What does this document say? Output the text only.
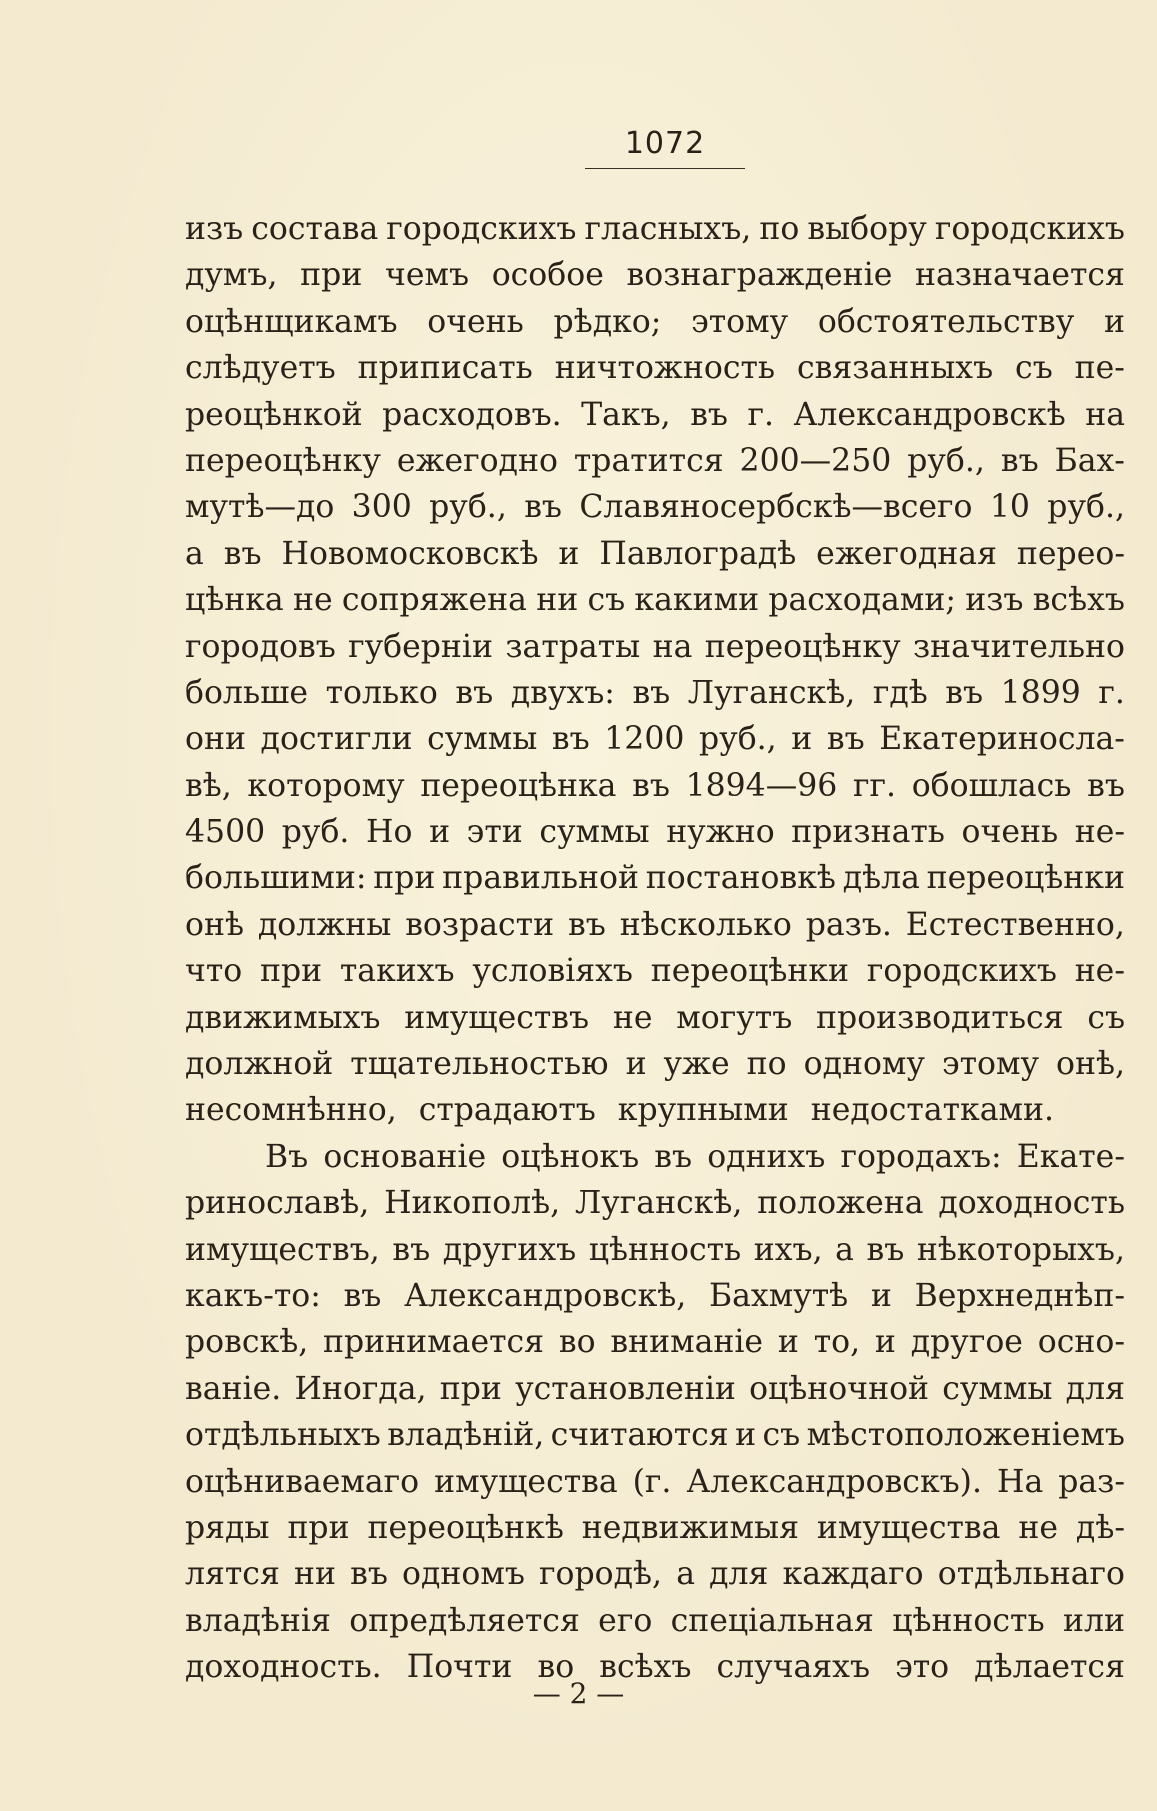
1072
изъ состава городскихъ гласныхъ, по выбору городскихъ
думъ, при чемъ особое вознагражденіе назначается
оцѣнщикамъ очень рѣдко; этому обстоятельству и
слѣдуетъ приписать ничтожность связанныхъ съ пе-
реоцѣнкой расходовъ. Такъ, въ г. Александровскѣ на
переоцѣнку ежегодно тратится 200—250 руб., въ Бах-
мутѣ—до 300 руб., въ Славяносербскѣ—всего 10 руб.,
а въ Новомосковскѣ и Павлоградѣ ежегодная перео-
цѣнка не сопряжена ни съ какими расходами; изъ всѣхъ
городовъ губерніи затраты на переоцѣнку значительно
больше только въ двухъ: въ Луганскѣ, гдѣ въ 1899 г.
они достигли суммы въ 1200 руб., и въ Екатериносла-
вѣ, которому переоцѣнка въ 1894—96 гг. обошлась въ
4500 руб. Но и эти суммы нужно признать очень не-
большими: при правильной постановкѣ дѣла переоцѣнки
онѣ должны возрасти въ нѣсколько разъ. Естественно,
что при такихъ условіяхъ переоцѣнки городскихъ не-
движимыхъ имуществъ не могутъ производиться съ
должной тщательностью и уже по одному этому онѣ,
несомнѣнно, страдаютъ крупными недостатками.
Въ основаніе оцѣнокъ въ однихъ городахъ: Екате-
ринославѣ, Никополѣ, Луганскѣ, положена доходность
имуществъ, въ другихъ цѣнность ихъ, а въ нѣкоторыхъ,
какъ-то: въ Александровскѣ, Бахмутѣ и Верхнеднѣп-
ровскѣ, принимается во вниманіе и то, и другое осно-
ваніе. Иногда, при установленіи оцѣночной суммы для
отдѣльныхъ владѣній, считаются и съ мѣстоположеніемъ
оцѣниваемаго имущества (г. Александровскъ). На раз-
ряды при переоцѣнкѣ недвижимыя имущества не дѣ-
лятся ни въ одномъ городѣ, а для каждаго отдѣльнаго
владѣнія опредѣляется его спеціальная цѣнность или
доходность. Почти во всѣхъ случаяхъ это дѣлается
— 2 —
